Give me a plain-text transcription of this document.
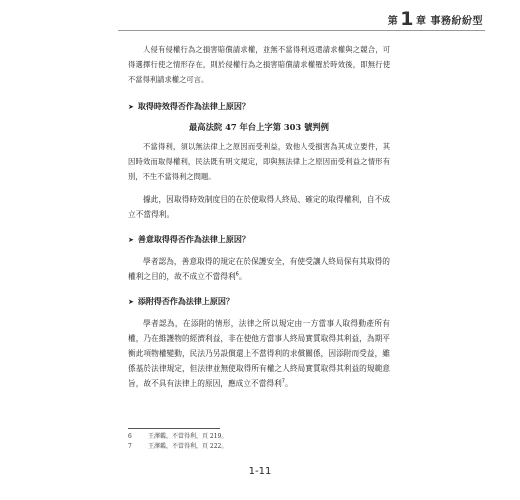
第 1 章 事務紛紛型

人侵有侵權行為之損害賠償請求權，並無不當得利返還請求權與之競合，可得選擇行使之情形存在，則於侵權行為之損害賠償請求權罹於時效後，即無行使不當得利請求權之可言。

➤ 取得時效得否作為法律上原因？
最高法院 47 年台上字第 303 號判例

不當得利，須以無法律上之原因而受利益，致他人受損害為其成立要件，其因時效而取得權利，民法既有明文規定，即與無法律上之原因而受利益之情形有別，不生不當得利之問題。

據此，因取得時效制度目的在於使取得人終局、確定的取得權利，自不成立不當得利。

➤ 善意取得得否作為法律上原因？

學者認為，善意取得的規定在於保護安全，有使受讓人終局保有其取得的權利之目的，故不成立不當得利$^6$。

➤ 添附得否作為法律上原因？

學者認為，在添附的情形，法律之所以規定由一方當事人取得動產所有權，乃在維護物的經濟利益，非在使他方當事人終局實質取得其利益，為期平衡此項物權變動，民法乃另設償還上不當得利的求償關係，因添附而受益，雖係基於法律規定，但法律並無使取得所有權之人終局實質取得其利益的規範意旨，故不具有法律上的原因，應成立不當得利$^7$。

6	王澤鑑，不當得利，頁 219。
7	王澤鑑，不當得利，頁 222。
1-11
